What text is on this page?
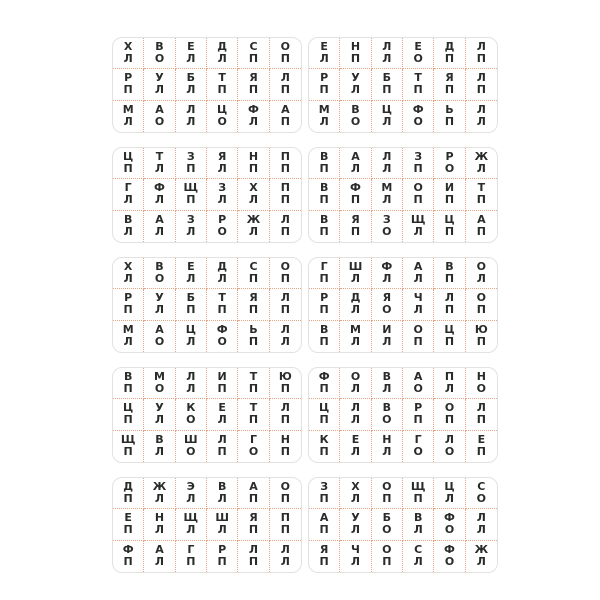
Х
Л
В
О
Е
Л
Д
Л
С
П
О
П
Р
П
У
Л
Б
Л
Т
П
Я
П
Л
П
М
Л
А
О
Л
Л
Ц
О
Ф
Л
А
П
Е
Л
Н
П
Л
Л
Е
О
Д
П
Л
П
Р
П
У
Л
Б
П
Т
П
Я
П
Л
П
М
Л
В
О
Ц
Л
Ф
О
Ь
П
Л
Л
Ц
П
Т
Л
З
П
Я
Л
Н
П
П
П
Г
Л
Ф
Л
Щ
П
З
Л
Х
Л
П
П
В
Л
А
Л
З
Л
Р
О
Ж
Л
Л
П
В
П
А
Л
Л
Л
З
П
Р
О
Ж
Л
В
П
Ф
П
М
Л
О
П
И
П
Т
П
В
П
Я
П
З
О
Щ
Л
Ц
П
А
П
Х
Л
В
О
Е
Л
Д
Л
С
П
О
П
Р
П
У
Л
Б
П
Т
П
Я
П
Л
П
М
Л
А
О
Ц
Л
Ф
О
Ь
П
Л
Л
Г
П
Ш
Л
Ф
Л
А
Л
В
П
О
Л
Р
П
Д
Л
Я
О
Ч
Л
Л
П
О
П
В
П
М
Л
И
Л
О
П
Ц
П
Ю
П
В
П
М
О
Л
Л
И
П
Т
П
Ю
П
Ц
П
У
Л
К
О
Е
Л
Т
П
Л
П
Щ
П
В
Л
Ш
О
Л
П
Г
О
Н
П
Ф
П
О
Л
В
Л
А
О
П
Л
Н
О
Ц
П
Л
Л
В
О
Р
П
О
П
Л
П
К
П
Е
Л
Н
Л
Г
О
Л
О
Е
П
Д
П
Ж
Л
Э
Л
В
Л
А
П
О
П
Е
П
Н
Л
Щ
Л
Ш
Л
Я
П
П
П
Ф
П
А
Л
Г
П
Р
П
Л
П
Л
Л
З
П
Х
Л
О
П
Щ
П
Ц
Л
С
О
А
П
У
Л
Б
О
В
Л
Ф
О
Л
Л
Я
П
Ч
Л
О
П
С
Л
Ф
О
Ж
Л
